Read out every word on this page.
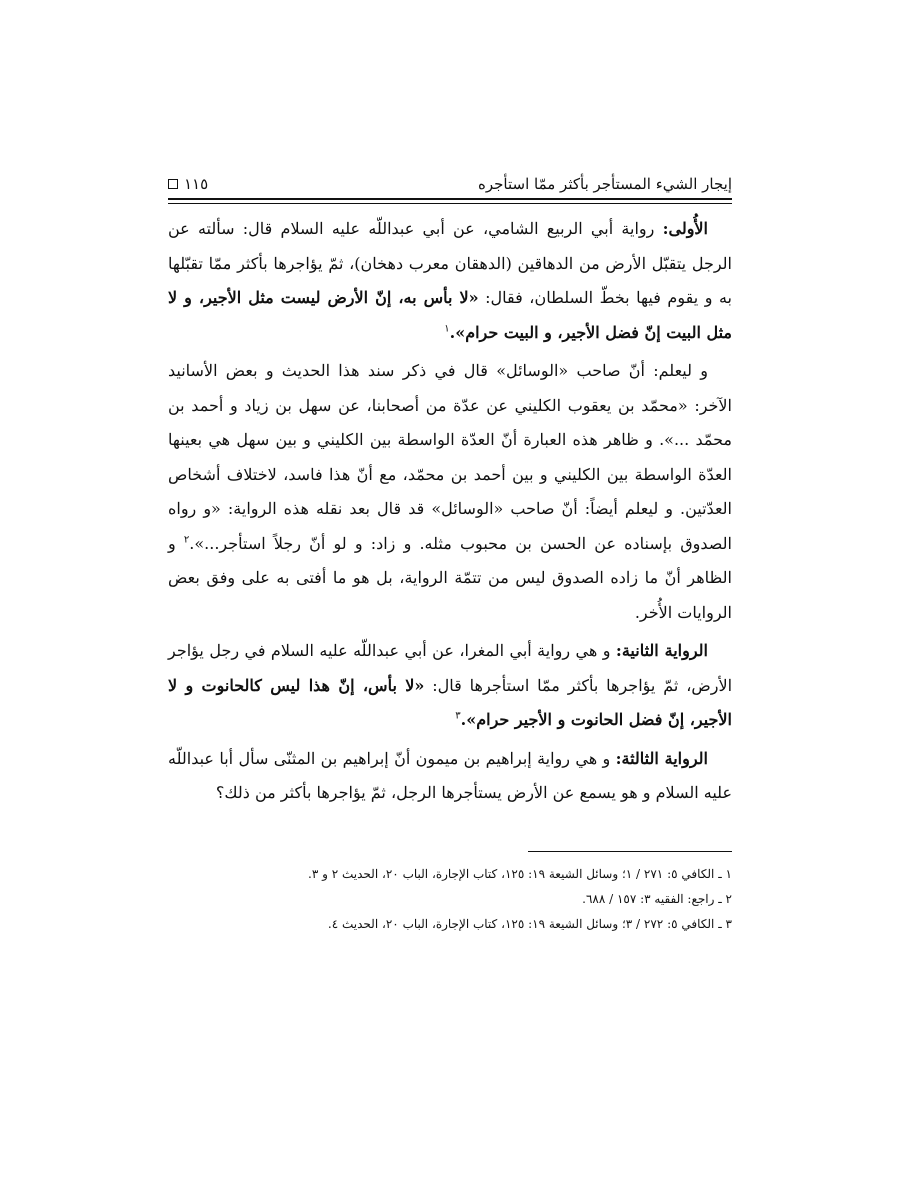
إيجار الشيء المستأجر بأكثر ممّا استأجره
١١٥

الأُولى: رواية أبي الربيع الشامي، عن أبي عبداللّه عليه السلام قال: سألته عن الرجل يتقبّل الأرض من الدهاقين (الدهقان معرب دهخان)، ثمّ يؤاجرها بأكثر ممّا تقبّلها به و يقوم فيها بخطّ السلطان، فقال: «لا بأس به، إنّ الأرض ليست مثل الأجير، و لا مثل البيت إنّ فضل الأجير، و البيت حرام».$^١$

و ليعلم: أنّ صاحب «الوسائل» قال في ذكر سند هذا الحديث و بعض الأسانيد الآخر: «محمّد بن يعقوب الكليني عن عدّة من أصحابنا، عن سهل بن زياد و أحمد بن محمّد ...». و ظاهر هذه العبارة أنّ العدّة الواسطة بين الكليني و بين سهل هي بعينها العدّة الواسطة بين الكليني و بين أحمد بن محمّد، مع أنّ هذا فاسد، لاختلاف أشخاص العدّتين. و ليعلم أيضاً: أنّ صاحب «الوسائل» قد قال بعد نقله هذه الرواية: «و رواه الصدوق بإسناده عن الحسن بن محبوب مثله. و زاد: و لو أنّ رجلاً استأجر...».$^٢$ و الظاهر أنّ ما زاده الصدوق ليس من تتمّة الرواية، بل هو ما أفتى به على وفق بعض الروايات الأُخر.

الرواية الثانية: و هي رواية أبي المغرا، عن أبي عبداللّه عليه السلام في رجل يؤاجر الأرض، ثمّ يؤاجرها بأكثر ممّا استأجرها قال: «لا بأس، إنّ هذا ليس كالحانوت و لا الأجير، إنّ فضل الحانوت و الأجير حرام».$^٣$

الرواية الثالثة: و هي رواية إبراهيم بن ميمون أنّ إبراهيم بن المثنّى سأل أبا عبداللّه عليه السلام و هو يسمع عن الأرض يستأجرها الرجل، ثمّ يؤاجرها بأكثر من ذلك؟

١ ـ الكافي ٥: ٢٧١ / ١؛ وسائل الشيعة ١٩: ١٢٥، كتاب الإجارة، الباب ٢٠، الحديث ٢ و ٣.

٢ ـ راجع: الفقيه ٣: ١٥٧ / ٦٨٨.

٣ ـ الكافي ٥: ٢٧٢ / ٣؛ وسائل الشيعة ١٩: ١٢٥، كتاب الإجارة، الباب ٢٠، الحديث ٤.
